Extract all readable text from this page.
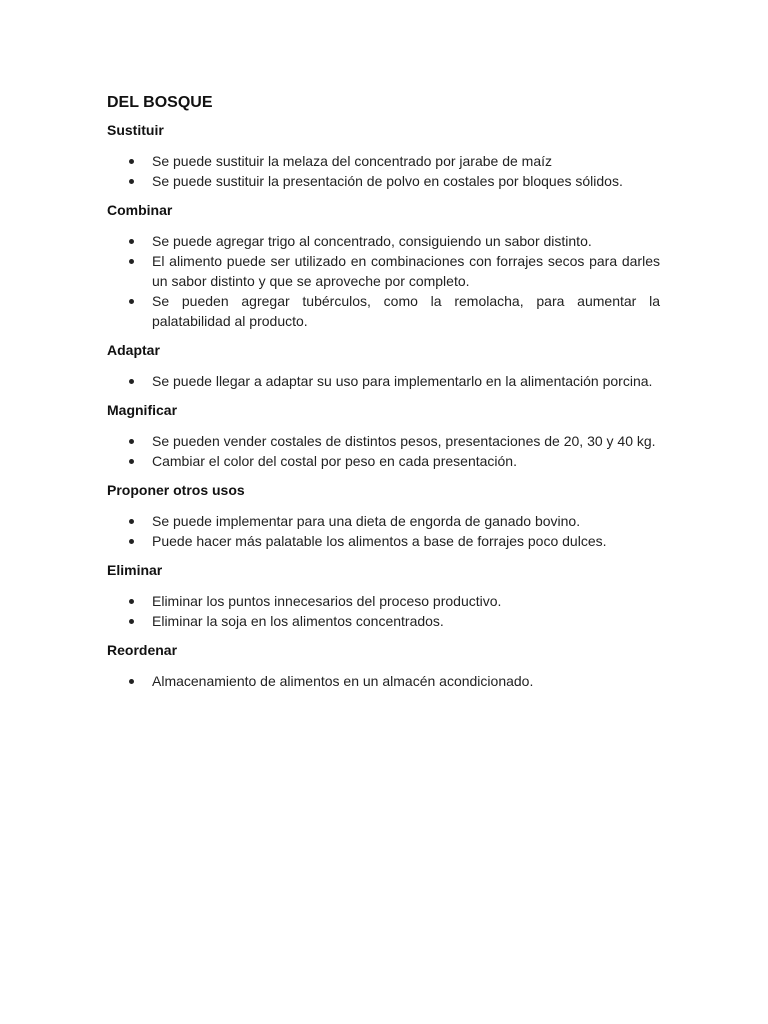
DEL BOSQUE
Sustituir
Se puede sustituir la melaza del concentrado por jarabe de maíz
Se puede sustituir la presentación de polvo en costales por bloques sólidos.
Combinar
Se puede agregar trigo al concentrado, consiguiendo un sabor distinto.
El alimento puede ser utilizado en combinaciones con forrajes secos para darles un sabor distinto y que se aproveche por completo.
Se pueden agregar tubérculos, como la remolacha, para aumentar la palatabilidad al producto.
Adaptar
Se puede llegar a adaptar su uso para implementarlo en la alimentación porcina.
Magnificar
Se pueden vender costales de distintos pesos, presentaciones de 20, 30 y 40 kg.
Cambiar el color del costal por peso en cada presentación.
Proponer otros usos
Se puede implementar para una dieta de engorda de ganado bovino.
Puede hacer más palatable los alimentos a base de forrajes poco dulces.
Eliminar
Eliminar los puntos innecesarios del proceso productivo.
Eliminar la soja en los alimentos concentrados.
Reordenar
Almacenamiento de alimentos en un almacén acondicionado.
